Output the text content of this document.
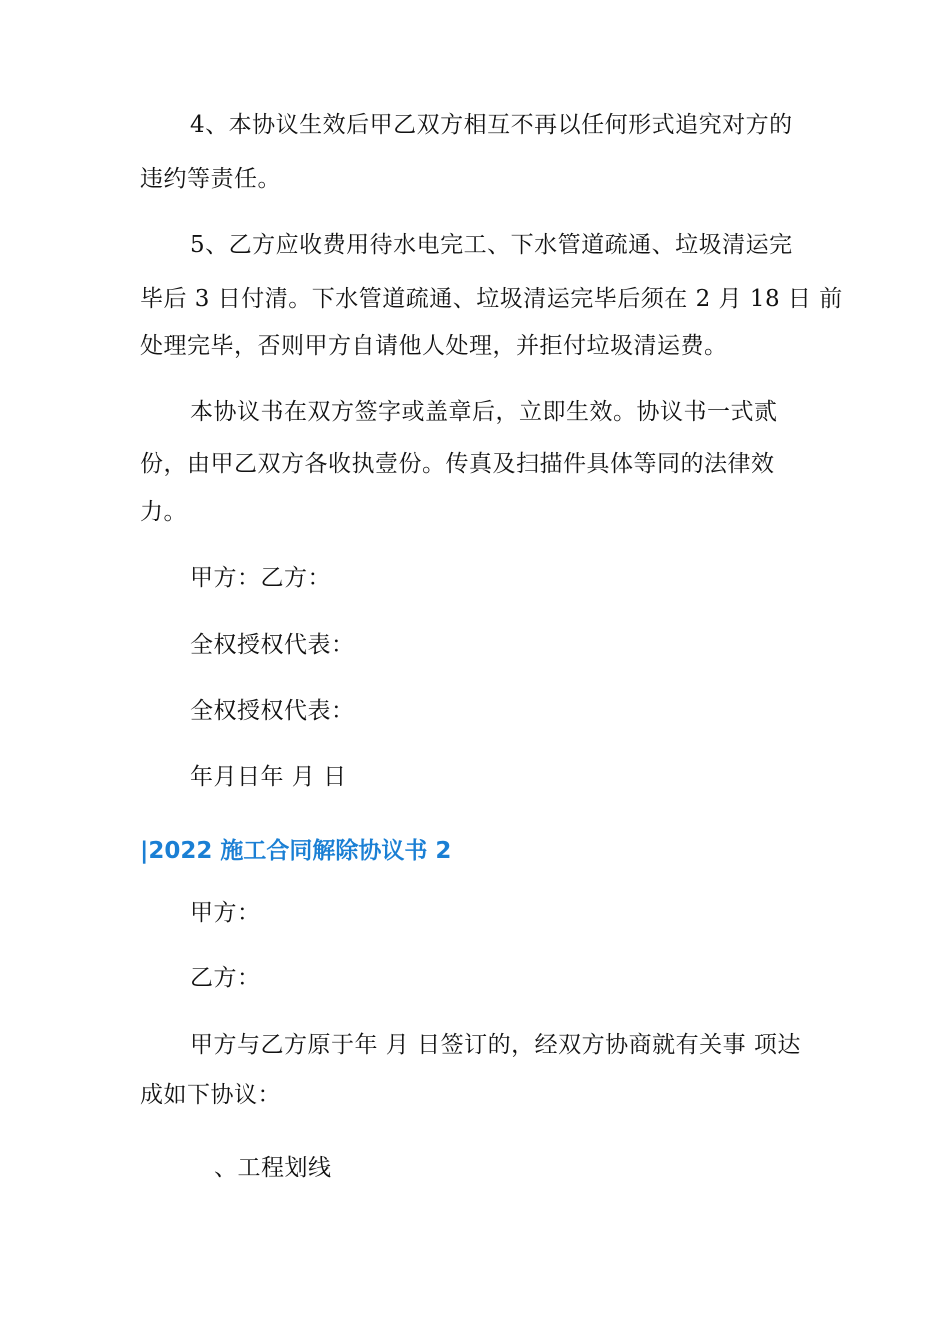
4、本协议生效后甲乙双方相互不再以任何形式追究对方的
违约等责任。
5、乙方应收费用待水电完工、下水管道疏通、垃圾清运完
毕后 3 日付清。下水管道疏通、垃圾清运完毕后须在 2 月 18 日 前
处理完毕，否则甲方自请他人处理，并拒付垃圾清运费。
本协议书在双方签字或盖章后，立即生效。协议书一式贰
份，由甲乙双方各收执壹份。传真及扫描件具体等同的法律效
力。
甲方：乙方：
全权授权代表：
全权授权代表：
年月日年 月 日
|2022 施工合同解除协议书 2
甲方：
乙方：
甲方与乙方原于年 月 日签订的，经双方协商就有关事 项达
成如下协议：
、工程划线
